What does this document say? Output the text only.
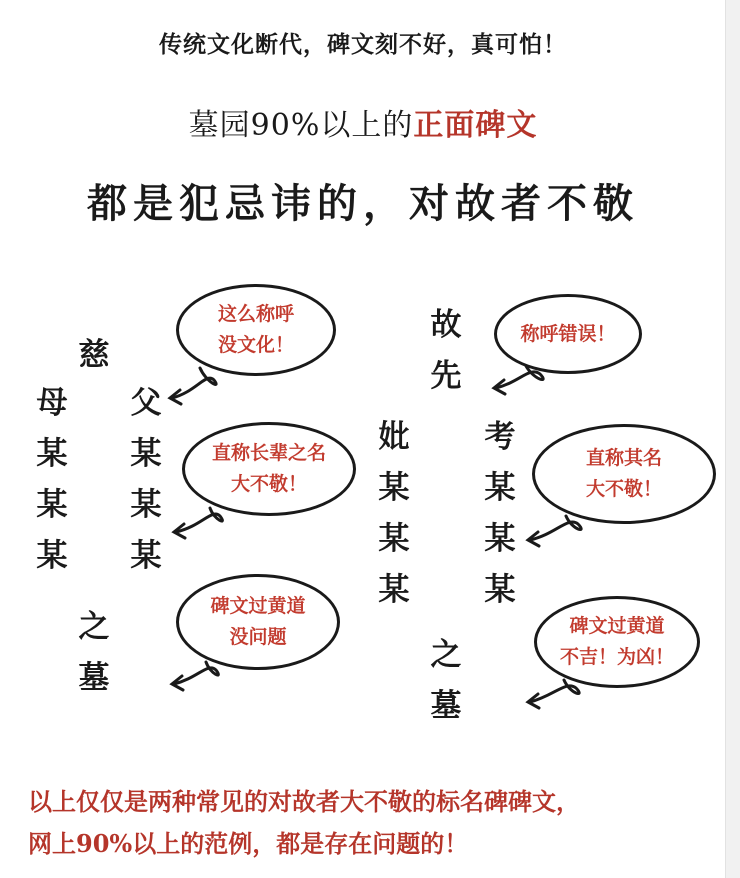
传统文化断代，碑文刻不好，真可怕！
墓园90%以上的正面碑文
都是犯忌讳的，对故者不敬
慈
母
某
某
某
父
某
某
某
之
墓
故
先
妣
某
某
某
考
某
某
某
之
墓
这么称呼
没文化！
直称长辈之名
大不敬！
碑文过黄道
没问题
称呼错误！
直称其名
大不敬！
碑文过黄道
不吉！为凶！
以上仅仅是两种常见的对故者大不敬的标名碑碑文，
网上90%以上的范例，都是存在问题的！
